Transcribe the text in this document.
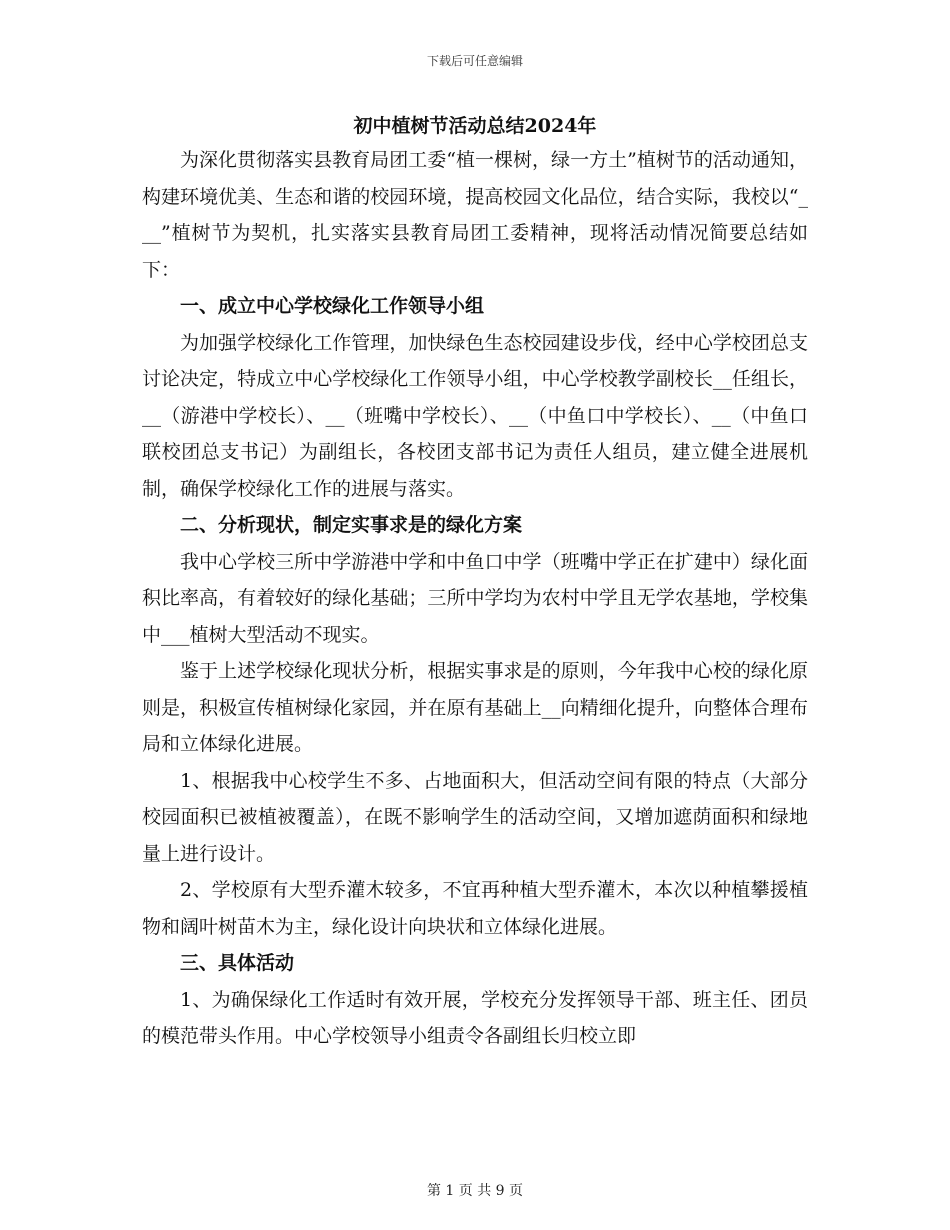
下载后可任意编辑
初中植树节活动总结2024年

为深化贯彻落实县教育局团工委“植一棵树，绿一方土”植树节的活动通知，构建环境优美、生态和谐的校园环境，提高校园文化品位，结合实际，我校以“___”植树节为契机，扎实落实县教育局团工委精神，现将活动情况简要总结如下：

一、成立中心学校绿化工作领导小组

为加强学校绿化工作管理，加快绿色生态校园建设步伐，经中心学校团总支讨论决定，特成立中心学校绿化工作领导小组，中心学校教学副校长__任组长，__（游港中学校长）、__（班嘴中学校长）、__（中鱼口中学校长）、__（中鱼口联校团总支书记）为副组长，各校团支部书记为责任人组员，建立健全进展机制，确保学校绿化工作的进展与落实。

二、分析现状，制定实事求是的绿化方案

我中心学校三所中学游港中学和中鱼口中学（班嘴中学正在扩建中）绿化面积比率高，有着较好的绿化基础；三所中学均为农村中学且无学农基地，学校集中___植树大型活动不现实。

鉴于上述学校绿化现状分析，根据实事求是的原则，今年我中心校的绿化原则是，积极宣传植树绿化家园，并在原有基础上__向精细化提升，向整体合理布局和立体绿化进展。

1、根据我中心校学生不多、占地面积大，但活动空间有限的特点（大部分校园面积已被植被覆盖），在既不影响学生的活动空间，又增加遮荫面积和绿地量上进行设计。

2、学校原有大型乔灌木较多，不宜再种植大型乔灌木，本次以种植攀援植物和阔叶树苗木为主，绿化设计向块状和立体绿化进展。

三、具体活动

1、为确保绿化工作适时有效开展，学校充分发挥领导干部、班主任、团员的模范带头作用。中心学校领导小组责令各副组长归校立即

第 1 页 共 9 页
